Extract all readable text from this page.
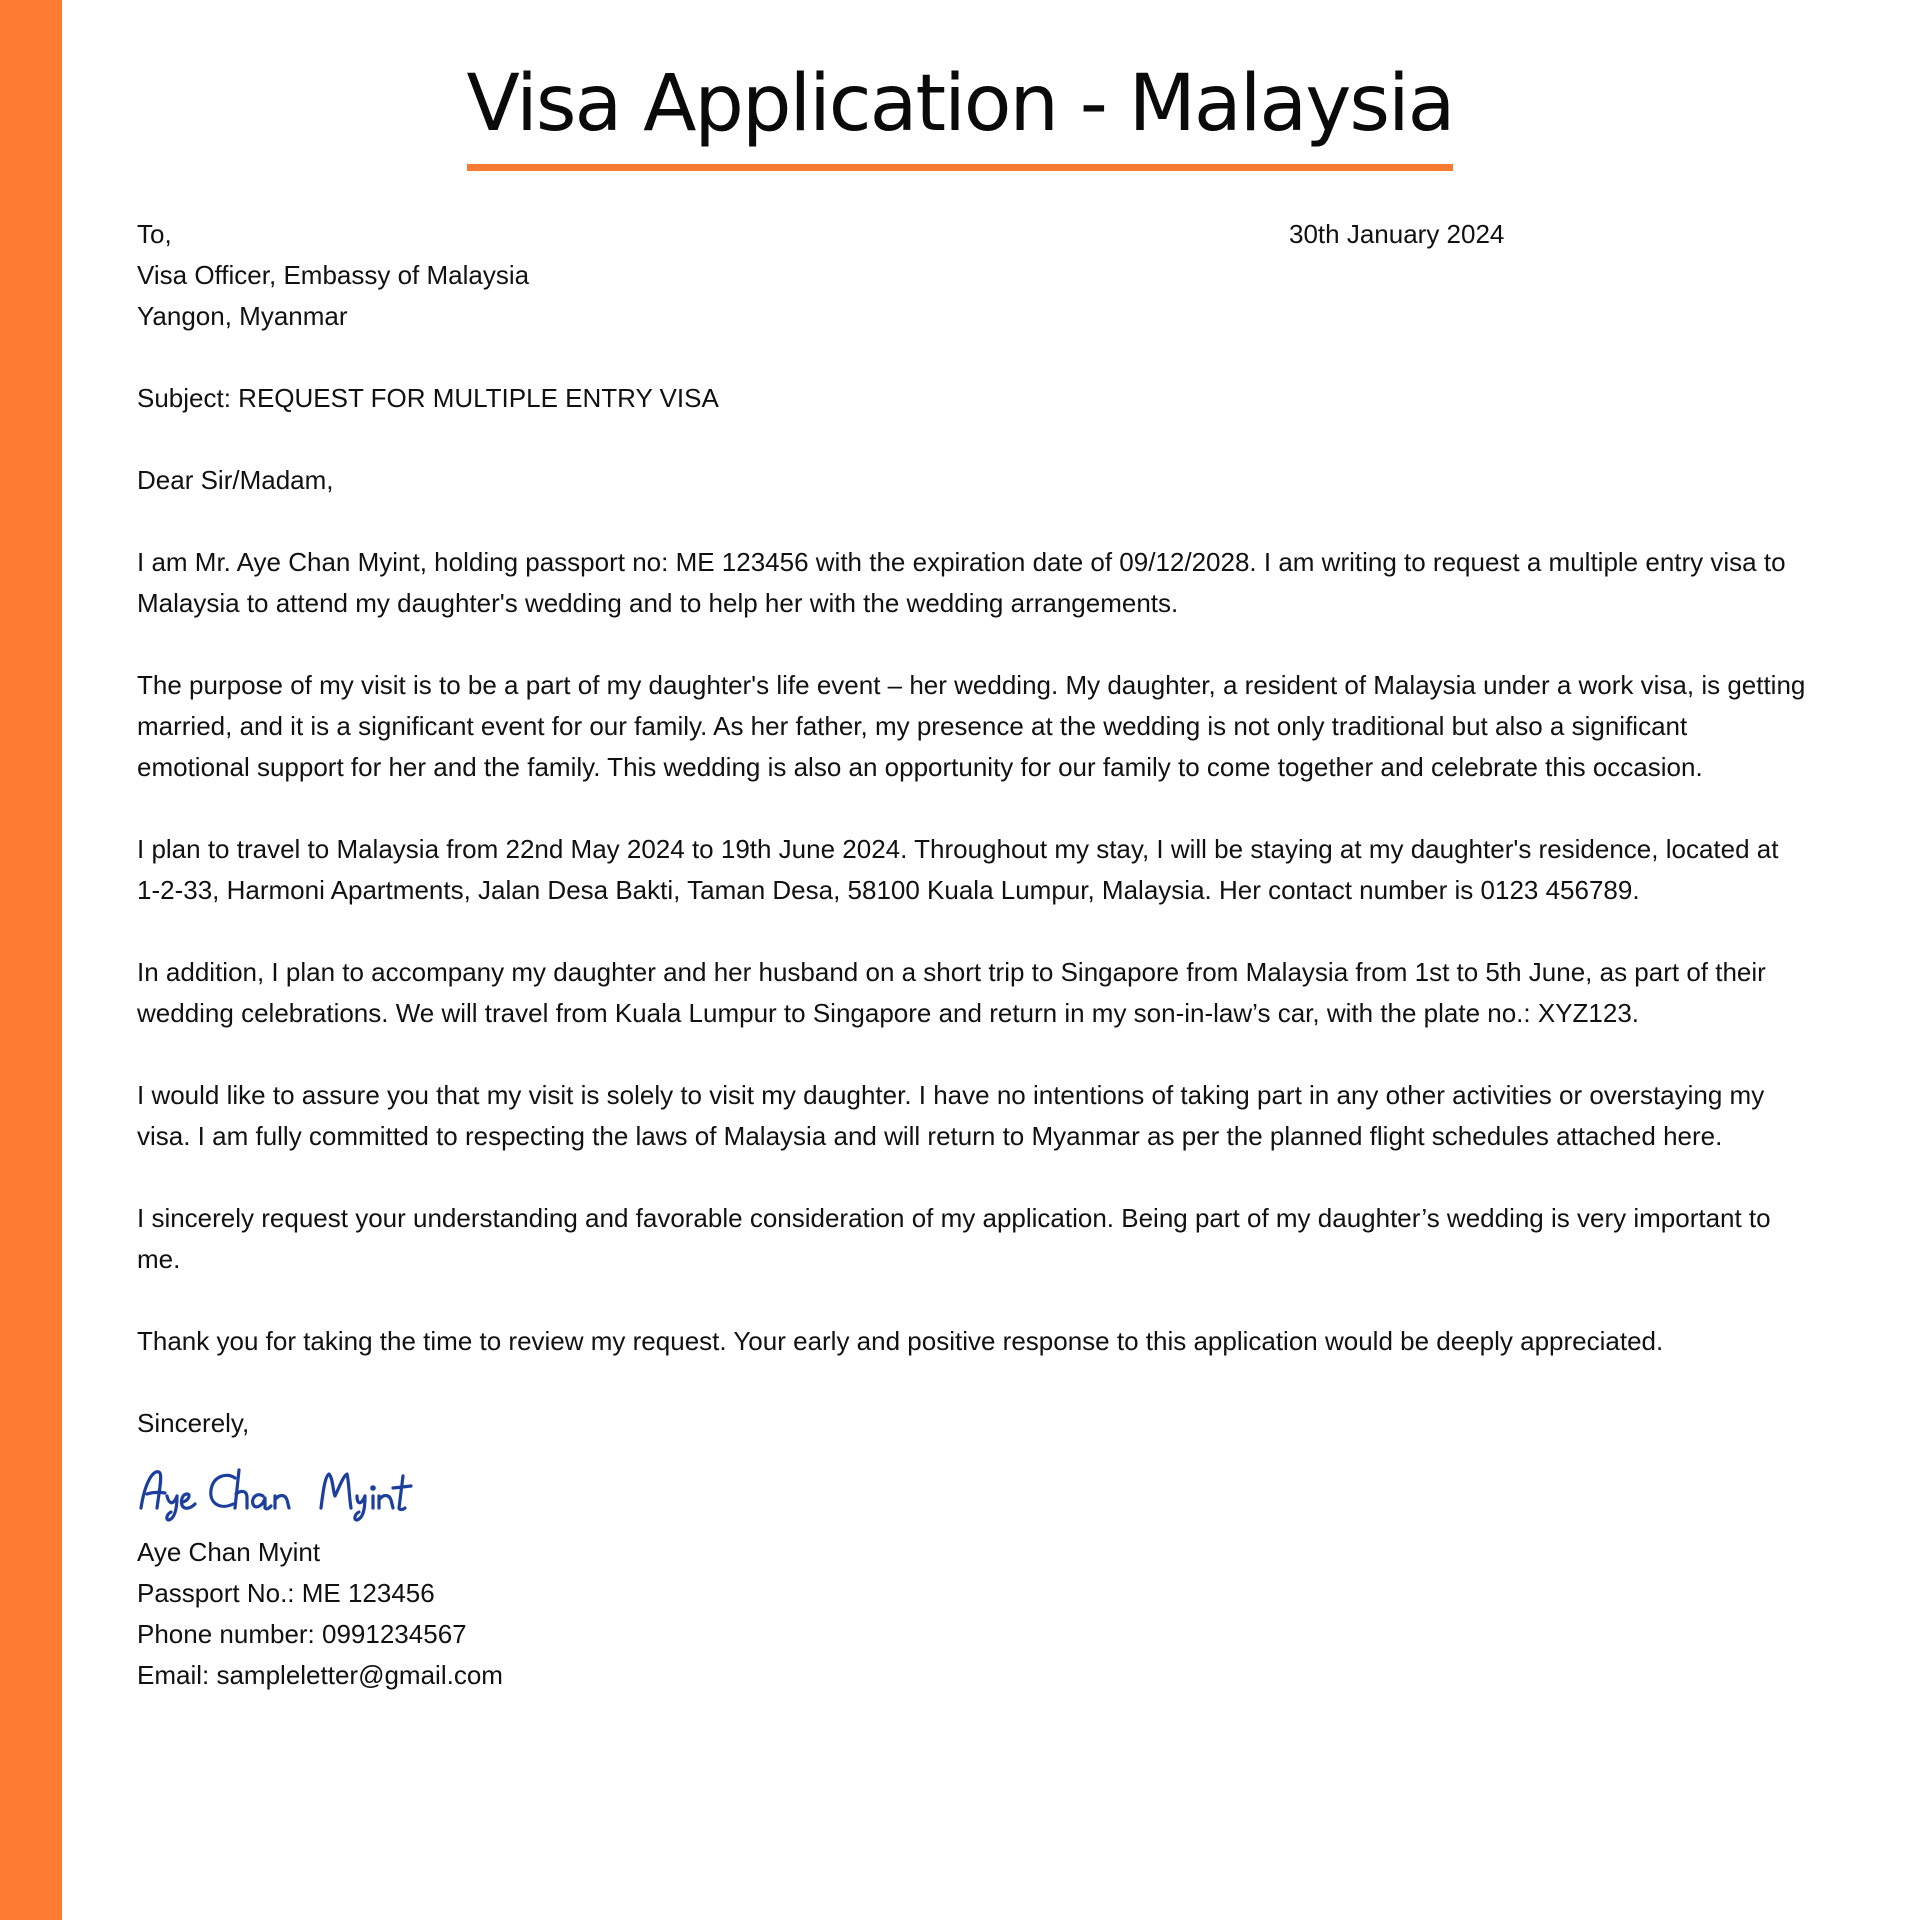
Visa Application - Malaysia
30th January 2024
To,
Visa Officer, Embassy of Malaysia
Yangon, Myanmar

Subject: REQUEST FOR MULTIPLE ENTRY VISA

Dear Sir/Madam,

I am Mr. Aye Chan Myint, holding passport no: ME 123456 with the expiration date of 09/12/2028. I am writing to request a multiple entry visa to Malaysia to attend my daughter's wedding and to help her with the wedding arrangements.

The purpose of my visit is to be a part of my daughter's life event – her wedding. My daughter, a resident of Malaysia under a work visa, is getting married, and it is a significant event for our family. As her father, my presence at the wedding is not only traditional but also a significant emotional support for her and the family. This wedding is also an opportunity for our family to come together and celebrate this occasion.

I plan to travel to Malaysia from 22nd May 2024 to 19th June 2024. Throughout my stay, I will be staying at my daughter's residence, located at 1-2-33, Harmoni Apartments, Jalan Desa Bakti, Taman Desa, 58100 Kuala Lumpur, Malaysia. Her contact number is 0123 456789.

In addition, I plan to accompany my daughter and her husband on a short trip to Singapore from Malaysia from 1st to 5th June, as part of their wedding celebrations. We will travel from Kuala Lumpur to Singapore and return in my son-in-law’s car, with the plate no.: XYZ123.

I would like to assure you that my visit is solely to visit my daughter. I have no intentions of taking part in any other activities or overstaying my visa. I am fully committed to respecting the laws of Malaysia and will return to Myanmar as per the planned flight schedules attached here.

I sincerely request your understanding and favorable consideration of my application. Being part of my daughter’s wedding is very important to me.

Thank you for taking the time to review my request. Your early and positive response to this application would be deeply appreciated.

Sincerely,

Aye Chan Myint
Passport No.: ME 123456
Phone number: 0991234567
Email: sampleletter@gmail.com
